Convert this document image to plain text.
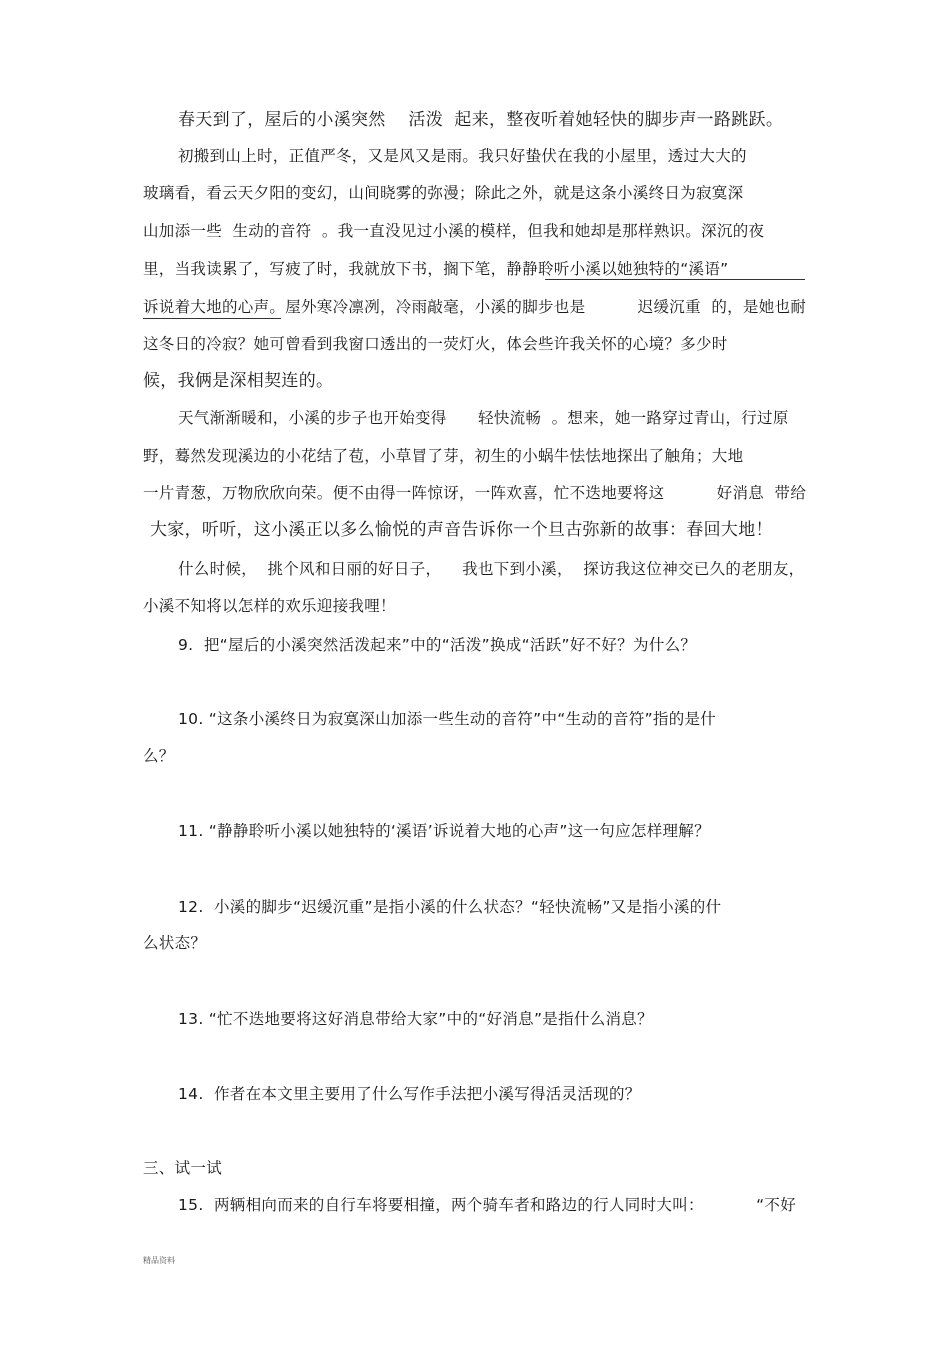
春天到了，屋后的小溪突然    活泼  起来，整夜听着她轻快的脚步声一路跳跃。
初搬到山上时，正值严冬，又是风又是雨。我只好蛰伏在我的小屋里，透过大大的
玻璃看，看云天夕阳的变幻，山间晓雾的弥漫；除此之外，就是这条小溪终日为寂寞深
山加添一些  生动的音符  。我一直没见过小溪的模样，但我和她却是那样熟识。深沉的夜
里，当我读累了，写疲了时，我就放下书，搁下笔，静静聆听小溪以她独特的“溪语”
诉说着大地的心声。屋外寒冷凛冽，冷雨敲毫，小溪的脚步也是          迟缓沉重  的，是她也耐
这冬日的冷寂？她可曾看到我窗口透出的一荧灯火，体会些许我关怀的心境？多少时
候，我俩是深相契连的。
天气渐渐暖和，小溪的步子也开始变得      轻快流畅  。想来，她一路穿过青山，行过原
野，蓦然发现溪边的小花结了苞，小草冒了芽，初生的小蜗牛怯怯地探出了触角；大地
一片青葱，万物欣欣向荣。便不由得一阵惊讶，一阵欢喜，忙不迭地要将这          好消息  带给
大家，听听，这小溪正以多么愉悦的声音告诉你一个旦古弥新的故事：春回大地！
什么时候，  挑个风和日丽的好日子，    我也下到小溪，  探访我这位神交已久的老朋友，
小溪不知将以怎样的欢乐迎接我哩！
9.  把“屋后的小溪突然活泼起来”中的“活泼”换成“活跃”好不好？为什么？
10. “这条小溪终日为寂寞深山加添一些生动的音符”中“生动的音符”指的是什
么？
11. “静静聆听小溪以她独特的‘溪语’诉说着大地的心声”这一句应怎样理解？
12.  小溪的脚步“迟缓沉重”是指小溪的什么状态？“轻快流畅”又是指小溪的什
么状态？
13. “忙不迭地要将这好消息带给大家”中的“好消息”是指什么消息？
14.  作者在本文里主要用了什么写作手法把小溪写得活灵活现的？
三、试一试
15.  两辆相向而来的自行车将要相撞，两个骑车者和路边的行人同时大叫：          “不好
精品资料
